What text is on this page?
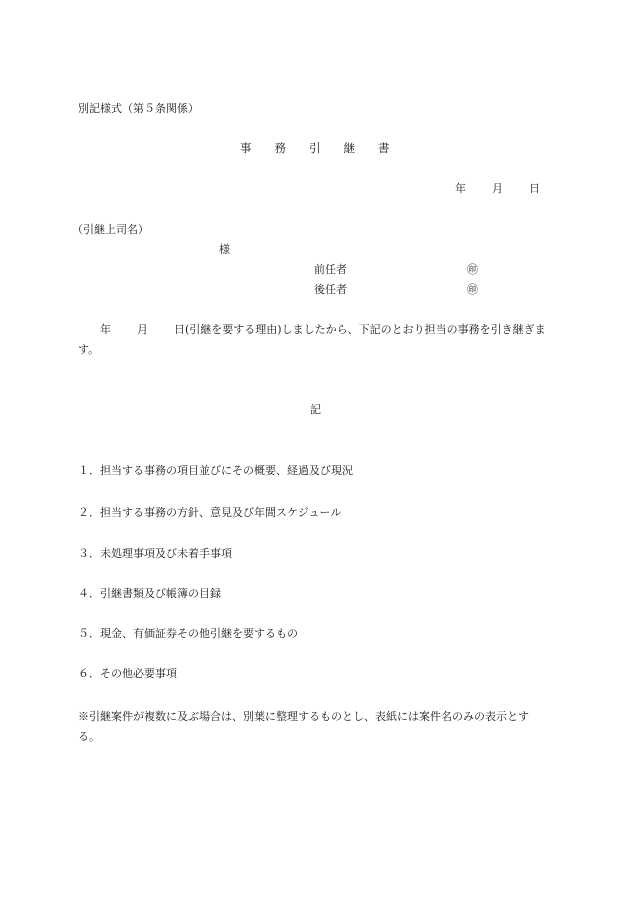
別記様式（第５条関係）
事務引継書
年 月 日
（引継上司名）
様
前任者	㊞
後任者	㊞
年 月 日(引継を要する理由)しましたから、下記のとおり担当の事務を引き継ぎます。
記
１．担当する事務の項目並びにその概要、経過及び現況
２．担当する事務の方針、意見及び年間スケジュール
３．未処理事項及び未着手事項
４．引継書類及び帳簿の目録
５．現金、有価証券その他引継を要するもの
６．その他必要事項
※引継案件が複数に及ぶ場合は、別葉に整理するものとし、表紙には案件名のみの表示とする。
